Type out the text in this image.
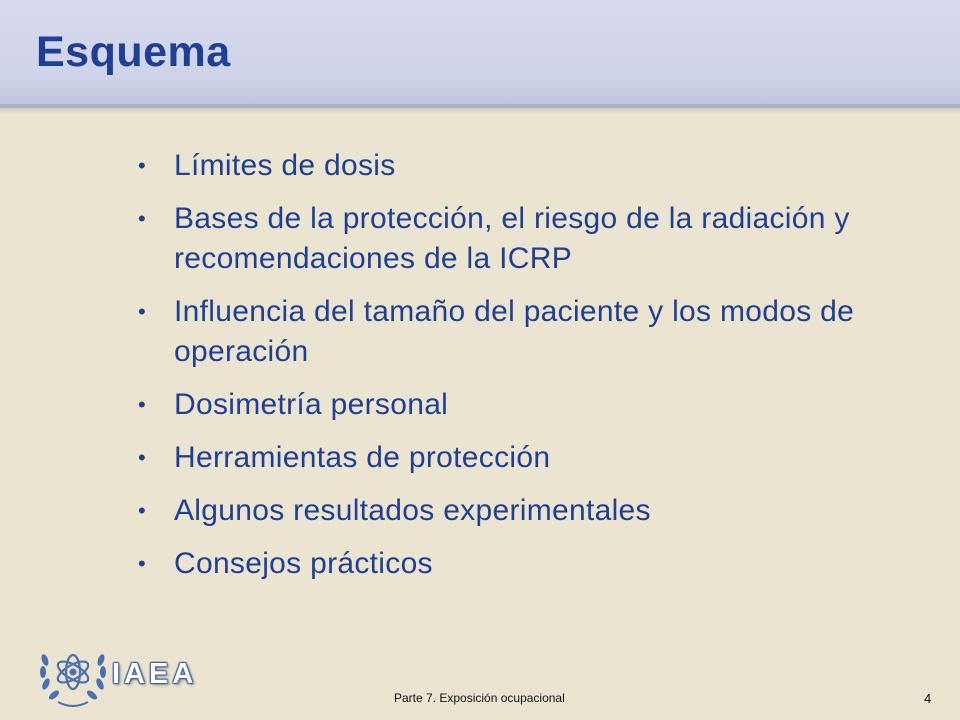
Esquema
• Límites de dosis
• Bases de la protección, el riesgo de la radiación y recomendaciones de la ICRP
• Influencia del tamaño del paciente y los modos de operación
• Dosimetría personal
• Herramientas de protección
• Algunos resultados experimentales
• Consejos prácticos
IAEA
Parte 7. Exposición ocupacional	4
